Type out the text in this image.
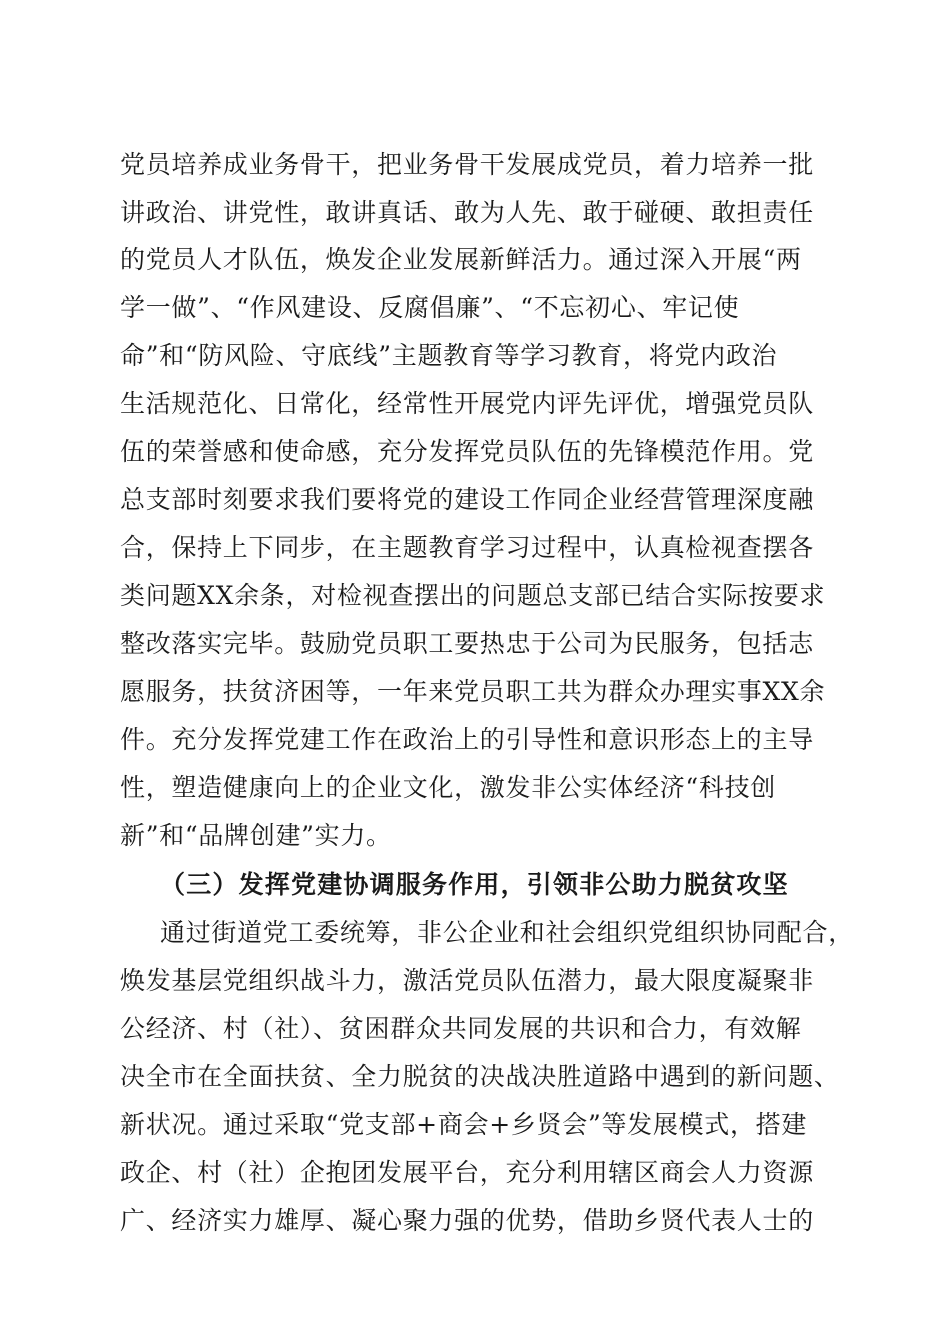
党员培养成业务骨干，把业务骨干发展成党员，着力培养一批
讲政治、讲党性，敢讲真话、敢为人先、敢于碰硬、敢担责任
的党员人才队伍，焕发企业发展新鲜活力。通过深入开展“两
学一做”、“作风建设、反腐倡廉”、“不忘初心、牢记使
命”和“防风险、守底线”主题教育等学习教育，将党内政治
生活规范化、日常化，经常性开展党内评先评优，增强党员队
伍的荣誉感和使命感，充分发挥党员队伍的先锋模范作用。党
总支部时刻要求我们要将党的建设工作同企业经营管理深度融
合，保持上下同步，在主题教育学习过程中，认真检视查摆各
类问题XX余条，对检视查摆出的问题总支部已结合实际按要求
整改落实完毕。鼓励党员职工要热忠于公司为民服务，包括志
愿服务，扶贫济困等，一年来党员职工共为群众办理实事XX余
件。充分发挥党建工作在政治上的引导性和意识形态上的主导
性，塑造健康向上的企业文化，激发非公实体经济“科技创
新”和“品牌创建”实力。
（三）发挥党建协调服务作用，引领非公助力脱贫攻坚
通过街道党工委统筹，非公企业和社会组织党组织协同配合，
焕发基层党组织战斗力，激活党员队伍潜力，最大限度凝聚非
公经济、村（社）、贫困群众共同发展的共识和合力，有效解
决全市在全面扶贫、全力脱贫的决战决胜道路中遇到的新问题、
新状况。通过采取“党支部+商会+乡贤会”等发展模式，搭建
政企、村（社）企抱团发展平台，充分利用辖区商会人力资源
广、经济实力雄厚、凝心聚力强的优势，借助乡贤代表人士的
